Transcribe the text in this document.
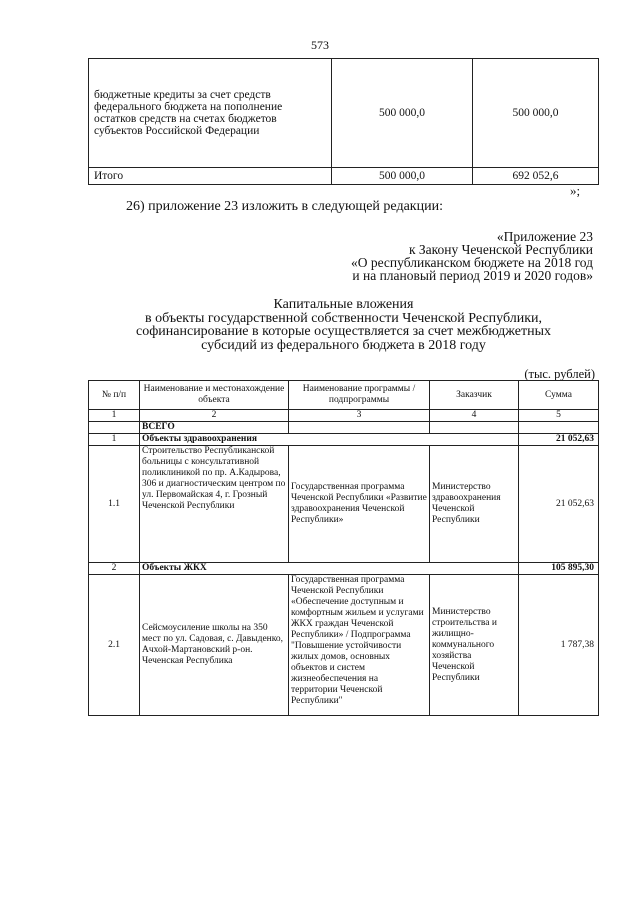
573
бюджетные кредиты за счет средств федерального бюджета на пополнение остатков средств на счетах бюджетов субъектов Российской Федерации	500 000,0	500 000,0
Итого	500 000,0	692 052,6
»;
26) приложение 23 изложить в следующей редакции:
«Приложение 23
к Закону Чеченской Республики
«О республиканском бюджете на 2018 год
и на плановый период 2019 и 2020 годов»
Капитальные вложения
в объекты государственной собственности Чеченской Республики,
софинансирование в которые осуществляется за счет межбюджетных
субсидий из федерального бюджета в 2018 году
(тыс. рублей)
№ п/п	Наименование и местонахождение объекта	Наименование программы / подпрограммы	Заказчик	Сумма
1	2	3	4	5
	ВСЕГО			
1	Объекты здравоохранения			21 052,63
1.1	Строительство Республиканской больницы с консультативной поликлиникой по пр. А.Кадырова, 306 и диагностическим центром по ул. Первомайская 4, г. Грозный Чеченской Республики	Государственная программа Чеченской Республики «Развитие здравоохранения Чеченской Республики»	Министерство здравоохранения Чеченской Республики	21 052,63
2	Объекты ЖКХ			105 895,30
2.1	Сейсмоусиление школы на 350 мест по ул. Садовая, с. Давыденко, Ачхой-Мартановский р-он. Чеченская Республика	Государственная программа Чеченской Республики «Обеспечение доступным и комфортным жильем и услугами ЖКХ граждан Чеченской Республики» / Подпрограмма "Повышение устойчивости жилых домов, основных объектов и систем жизнеобеспечения на территории Чеченской Республики"	Министерство строительства и жилищно-коммунального хозяйства Чеченской Республики	1 787,38
